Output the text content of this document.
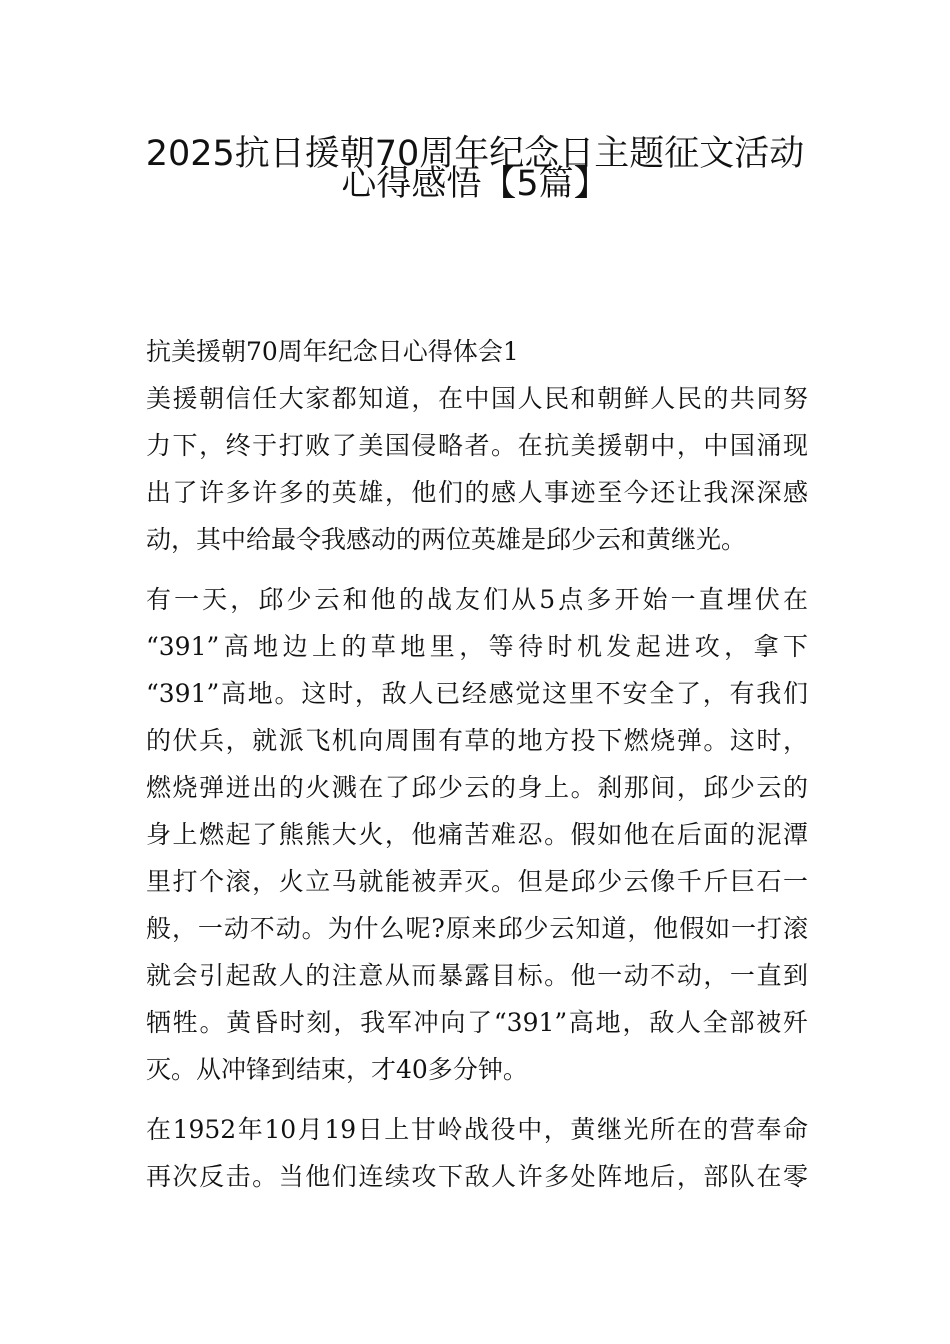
2025抗日援朝70周年纪念日主题征文活动
心得感悟【5篇】
抗美援朝70周年纪念日心得体会1
美援朝信任大家都知道，在中国人民和朝鲜人民的共同努
力下，终于打败了美国侵略者。在抗美援朝中，中国涌现
出了许多许多的英雄，他们的感人事迹至今还让我深深感
动，其中给最令我感动的两位英雄是邱少云和黄继光。
有一天，邱少云和他的战友们从5点多开始一直埋伏在
“391”高地边上的草地里，等待时机发起进攻，拿下
“391”高地。这时，敌人已经感觉这里不安全了，有我们
的伏兵，就派飞机向周围有草的地方投下燃烧弹。这时，
燃烧弹迸出的火溅在了邱少云的身上。刹那间，邱少云的
身上燃起了熊熊大火，他痛苦难忍。假如他在后面的泥潭
里打个滚，火立马就能被弄灭。但是邱少云像千斤巨石一
般，一动不动。为什么呢?原来邱少云知道，他假如一打滚
就会引起敌人的注意从而暴露目标。他一动不动，一直到
牺牲。黄昏时刻，我军冲向了“391”高地，敌人全部被歼
灭。从冲锋到结束，才40多分钟。
在1952年10月19日上甘岭战役中，黄继光所在的营奉命
再次反击。当他们连续攻下敌人许多处阵地后，部队在零
